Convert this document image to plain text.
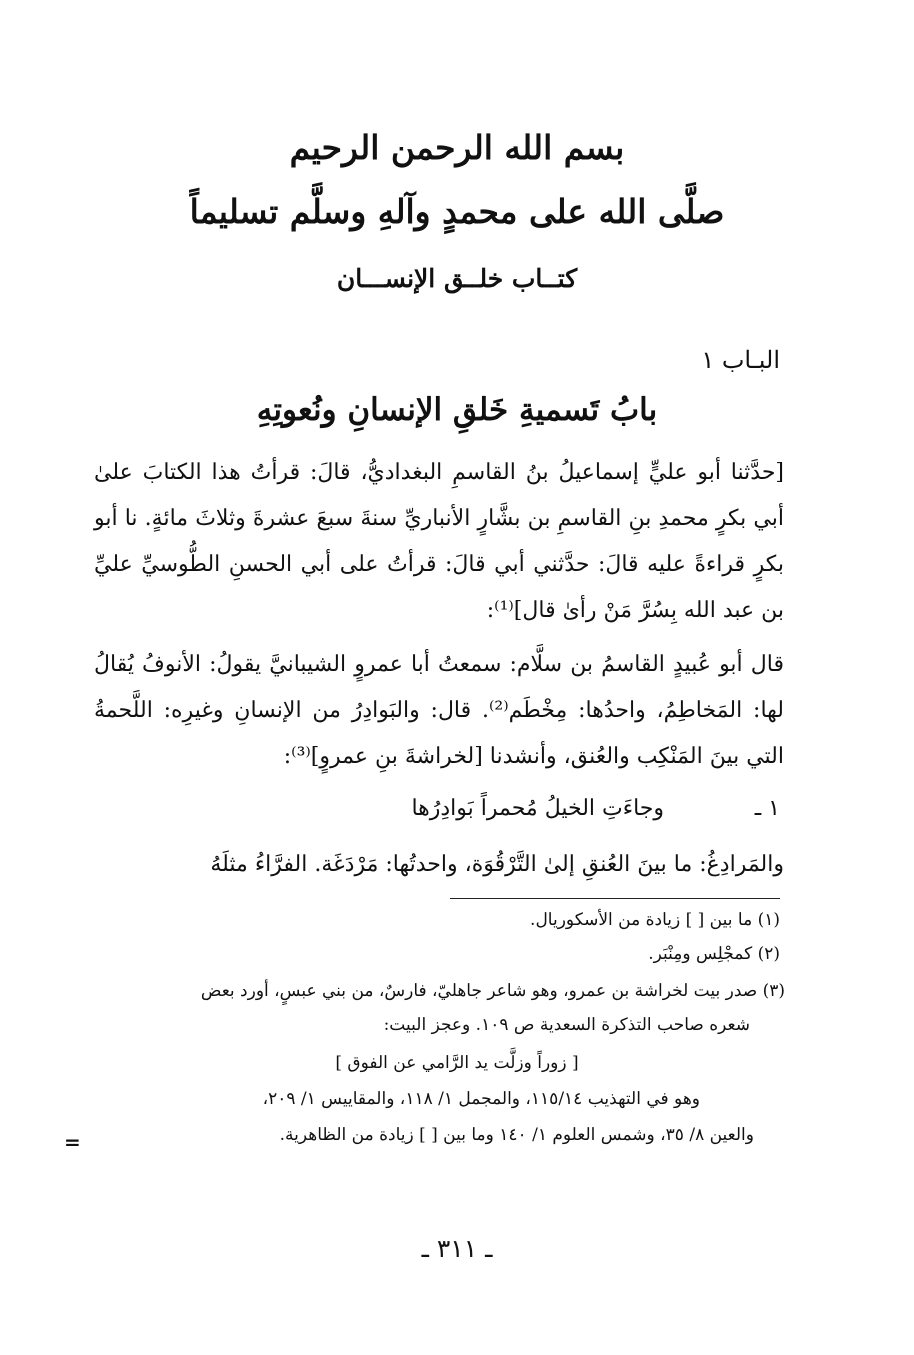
بسم الله الرحمن الرحيم
صلَّى الله على محمدٍ وآلهِ وسلَّم تسليماً
كتــاب خلــق الإنســـان
البـاب ١
بابُ تَسميةِ خَلقِ الإنسانِ ونُعوتِهِ
[حدَّثنا أبو عليٍّ إسماعيلُ بنُ القاسمِ البغداديُّ، قالَ: قرأتُ هذا الكتابَ علىٰ أبي بكرٍ محمدِ بنِ القاسمِ بن بشَّارٍ الأنباريِّ سنةَ سبعَ عشرةَ وثلاثَ مائةٍ. نا أبو بكرٍ قراءةً عليه قالَ: حدَّثني أبي قالَ: قرأتُ على أبي الحسنِ الطُّوسيِّ عليِّ بن عبد الله بِسُرَّ مَنْ رأىٰ قال]⁽¹⁾:
قال أبو عُبيدٍ القاسمُ بن سلَّام: سمعتُ أبا عمروٍ الشيبانيَّ يقولُ: الأنوفُ يُقالُ لها: المَخاطِمُ، واحدُها: مِخْطَم⁽²⁾. قال: والبَوادِرُ من الإنسانِ وغيرِه: اللَّحمةُ التي بينَ المَنْكِب والعُنق، وأنشدنا [لخراشةَ بنِ عمروٍ]⁽³⁾:
١ ـ
وجاءَتِ الخيلُ مُحمراً بَوادِرُها
والمَرادِغُ: ما بينَ العُنقِ إلىٰ التَّرْقُوَة، واحدتُها: مَرْدَغَة. الفرَّاءُ مثلَهُ
(١) ما بين [ ] زيادة من الأسكوريال.
(٢) كمجْلِس ومِنْبَر.
(٣) صدر بيت لخراشة بن عمرو، وهو شاعر جاهليّ، فارسٌ، من بني عبسٍ، أورد بعض
شعره صاحب التذكرة السعدية ص ١٠٩. وعجز البيت:
[ زوراً وزلَّت يد الرَّامي عن الفوق ]
وهو في التهذيب ١١٥/١٤، والمجمل ١/ ١١٨، والمقاييس ١/ ٢٠٩،
والعين ٨/ ٣٥، وشمس العلوم ١/ ١٤٠ وما بين [ ] زيادة من الظاهرية.
=
ـ ٣١١ ـ
